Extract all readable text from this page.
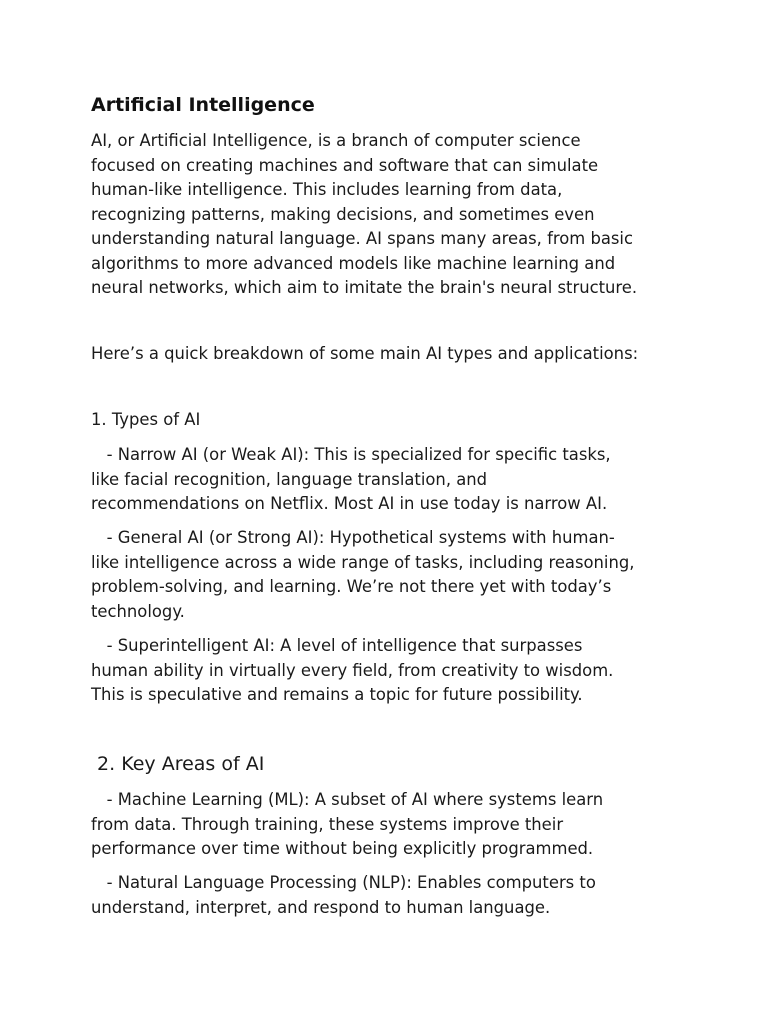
Artificial Intelligence

AI, or Artificial Intelligence, is a branch of computer science
focused on creating machines and software that can simulate
human-like intelligence. This includes learning from data,
recognizing patterns, making decisions, and sometimes even
understanding natural language. AI spans many areas, from basic
algorithms to more advanced models like machine learning and
neural networks, which aim to imitate the brain's neural structure.

Here’s a quick breakdown of some main AI types and applications:

1. Types of AI

- Narrow AI (or Weak AI): This is specialized for specific tasks,
like facial recognition, language translation, and
recommendations on Netflix. Most AI in use today is narrow AI.

- General AI (or Strong AI): Hypothetical systems with human-
like intelligence across a wide range of tasks, including reasoning,
problem-solving, and learning. We’re not there yet with today’s
technology.

- Superintelligent AI: A level of intelligence that surpasses
human ability in virtually every field, from creativity to wisdom.
This is speculative and remains a topic for future possibility.

2. Key Areas of AI

- Machine Learning (ML): A subset of AI where systems learn
from data. Through training, these systems improve their
performance over time without being explicitly programmed.

- Natural Language Processing (NLP): Enables computers to
understand, interpret, and respond to human language.
